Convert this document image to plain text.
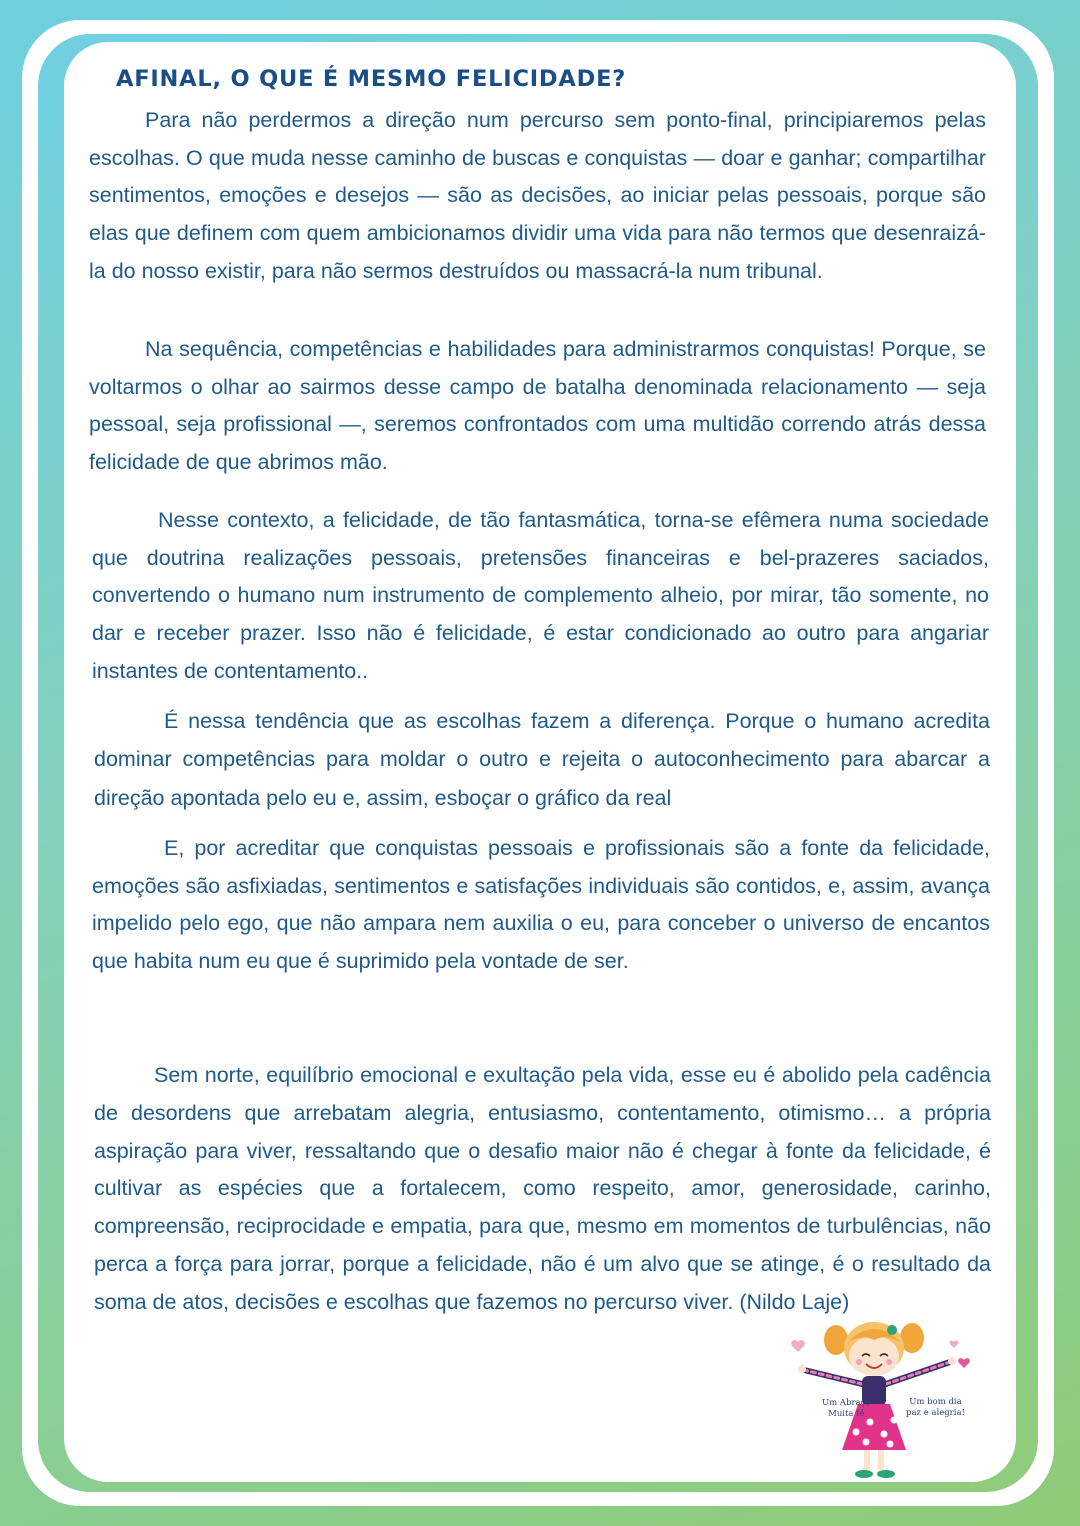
AFINAL, O QUE É MESMO FELICIDADE?

Para não perdermos a direção num percurso sem ponto-final, principiaremos pelas escolhas. O que muda nesse caminho de buscas e conquistas — doar e ganhar; compartilhar sentimentos, emoções e desejos — são as decisões, ao iniciar pelas pessoais, porque são elas que definem com quem ambicionamos dividir uma vida para não termos que desenraizá-la do nosso existir, para não sermos destruídos ou massacrá-la num tribunal.

Na sequência, competências e habilidades para administrarmos conquistas! Porque, se voltarmos o olhar ao sairmos desse campo de batalha denominada relacionamento — seja pessoal, seja profissional —, seremos confrontados com uma multidão correndo atrás dessa felicidade de que abrimos mão.

Nesse contexto, a felicidade, de tão fantasmática, torna-se efêmera numa sociedade que doutrina realizações pessoais, pretensões financeiras e bel-prazeres saciados, convertendo o humano num instrumento de complemento alheio, por mirar, tão somente, no dar e receber prazer. Isso não é felicidade, é estar condicionado ao outro para angariar instantes de contentamento..

É nessa tendência que as escolhas fazem a diferença. Porque o humano acredita dominar competências para moldar o outro e rejeita o autoconhecimento para abarcar a direção apontada pelo eu e, assim, esboçar o gráfico da real

E, por acreditar que conquistas pessoais e profissionais são a fonte da felicidade, emoções são asfixiadas, sentimentos e satisfações individuais são contidos, e, assim, avança impelido pelo ego, que não ampara nem auxilia o eu, para conceber o universo de encantos que habita num eu que é suprimido pela vontade de ser.

Sem norte, equilíbrio emocional e exultação pela vida, esse eu é abolido pela cadência de desordens que arrebatam alegria, entusiasmo, contentamento, otimismo… a própria aspiração para viver, ressaltando que o desafio maior não é chegar à fonte da felicidade, é cultivar as espécies que a fortalecem, como respeito, amor, generosidade, carinho, compreensão, reciprocidade e empatia, para que, mesmo em momentos de turbulências, não perca a força para jorrar, porque a felicidade, não é um alvo que se atinge, é o resultado da soma de atos, decisões e escolhas que fazemos no percurso viver. (Nildo Laje)

Um Abraço
Muita fé
Um bom dia
paz e alegria!
